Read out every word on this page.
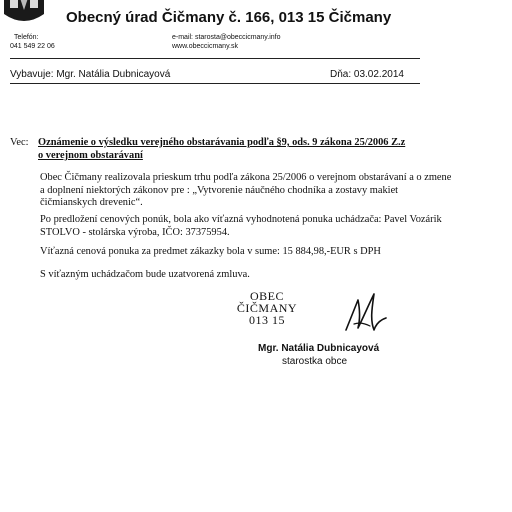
Obecný úrad Čičmany č. 166, 013 15 Čičmany
Telefón:
041 549 22 06
e-mail: starosta@obeccicmany.info
www.obeccicmany.sk
Vybavuje: Mgr. Natália Dubnicayová	Dňa: 03.02.2014
Vec: Oznámenie o výsledku verejného obstarávania podľa §9, ods. 9 zákona 25/2006 Z.z
o verejnom obstarávaní
Obec Čičmany realizovala prieskum trhu podľa zákona 25/2006 o verejnom obstarávaní a o zmene
a doplnení niektorých zákonov pre : „Vytvorenie náučného chodníka a zostavy makiet
čičmianskych drevenic“.
Po predložení cenových ponúk, bola ako víťazná vyhodnotená ponuka uchádzača: Pavel Vozárik
STOLVO - stolárska výroba, IČO: 37375954.
Víťazná cenová ponuka za predmet zákazky bola v sume: 15 884,98,-EUR s DPH
S víťazným uchádzačom bude uzatvorená zmluva.
OBEC
ČIČMANY
013 15
Mgr. Natália Dubnicayová
starostka obce
